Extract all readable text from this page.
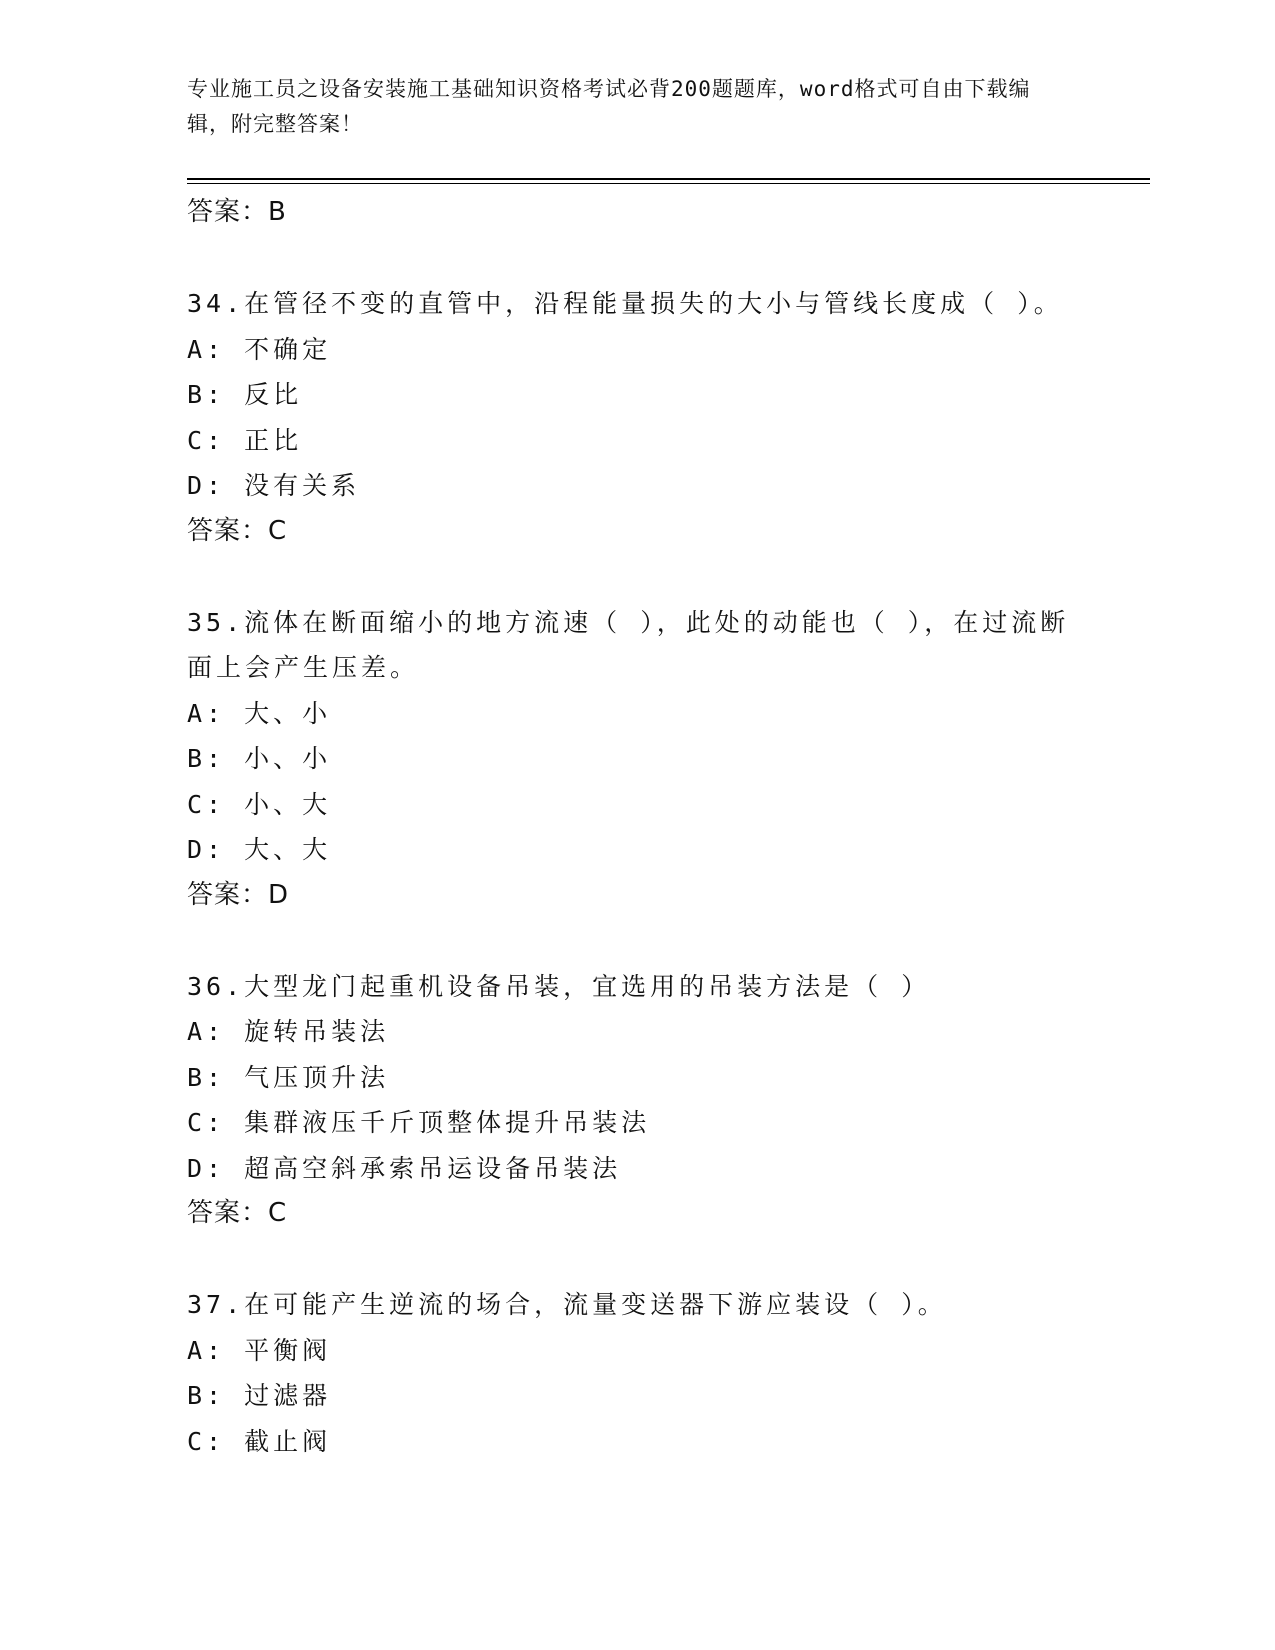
专业施工员之设备安装施工基础知识资格考试必背200题题库，word格式可自由下载编辑，附完整答案！
答案：B
34.在管径不变的直管中，沿程能量损失的大小与管线长度成（ ）。
A: 不确定
B: 反比
C: 正比
D: 没有关系
答案：C
35.流体在断面缩小的地方流速（ ），此处的动能也（ ），在过流断
面上会产生压差。
A: 大、小
B: 小、小
C: 小、大
D: 大、大
答案：D
36.大型龙门起重机设备吊装，宜选用的吊装方法是（ ）
A: 旋转吊装法
B: 气压顶升法
C: 集群液压千斤顶整体提升吊装法
D: 超高空斜承索吊运设备吊装法
答案：C
37.在可能产生逆流的场合，流量变送器下游应装设（ ）。
A: 平衡阀
B: 过滤器
C: 截止阀
